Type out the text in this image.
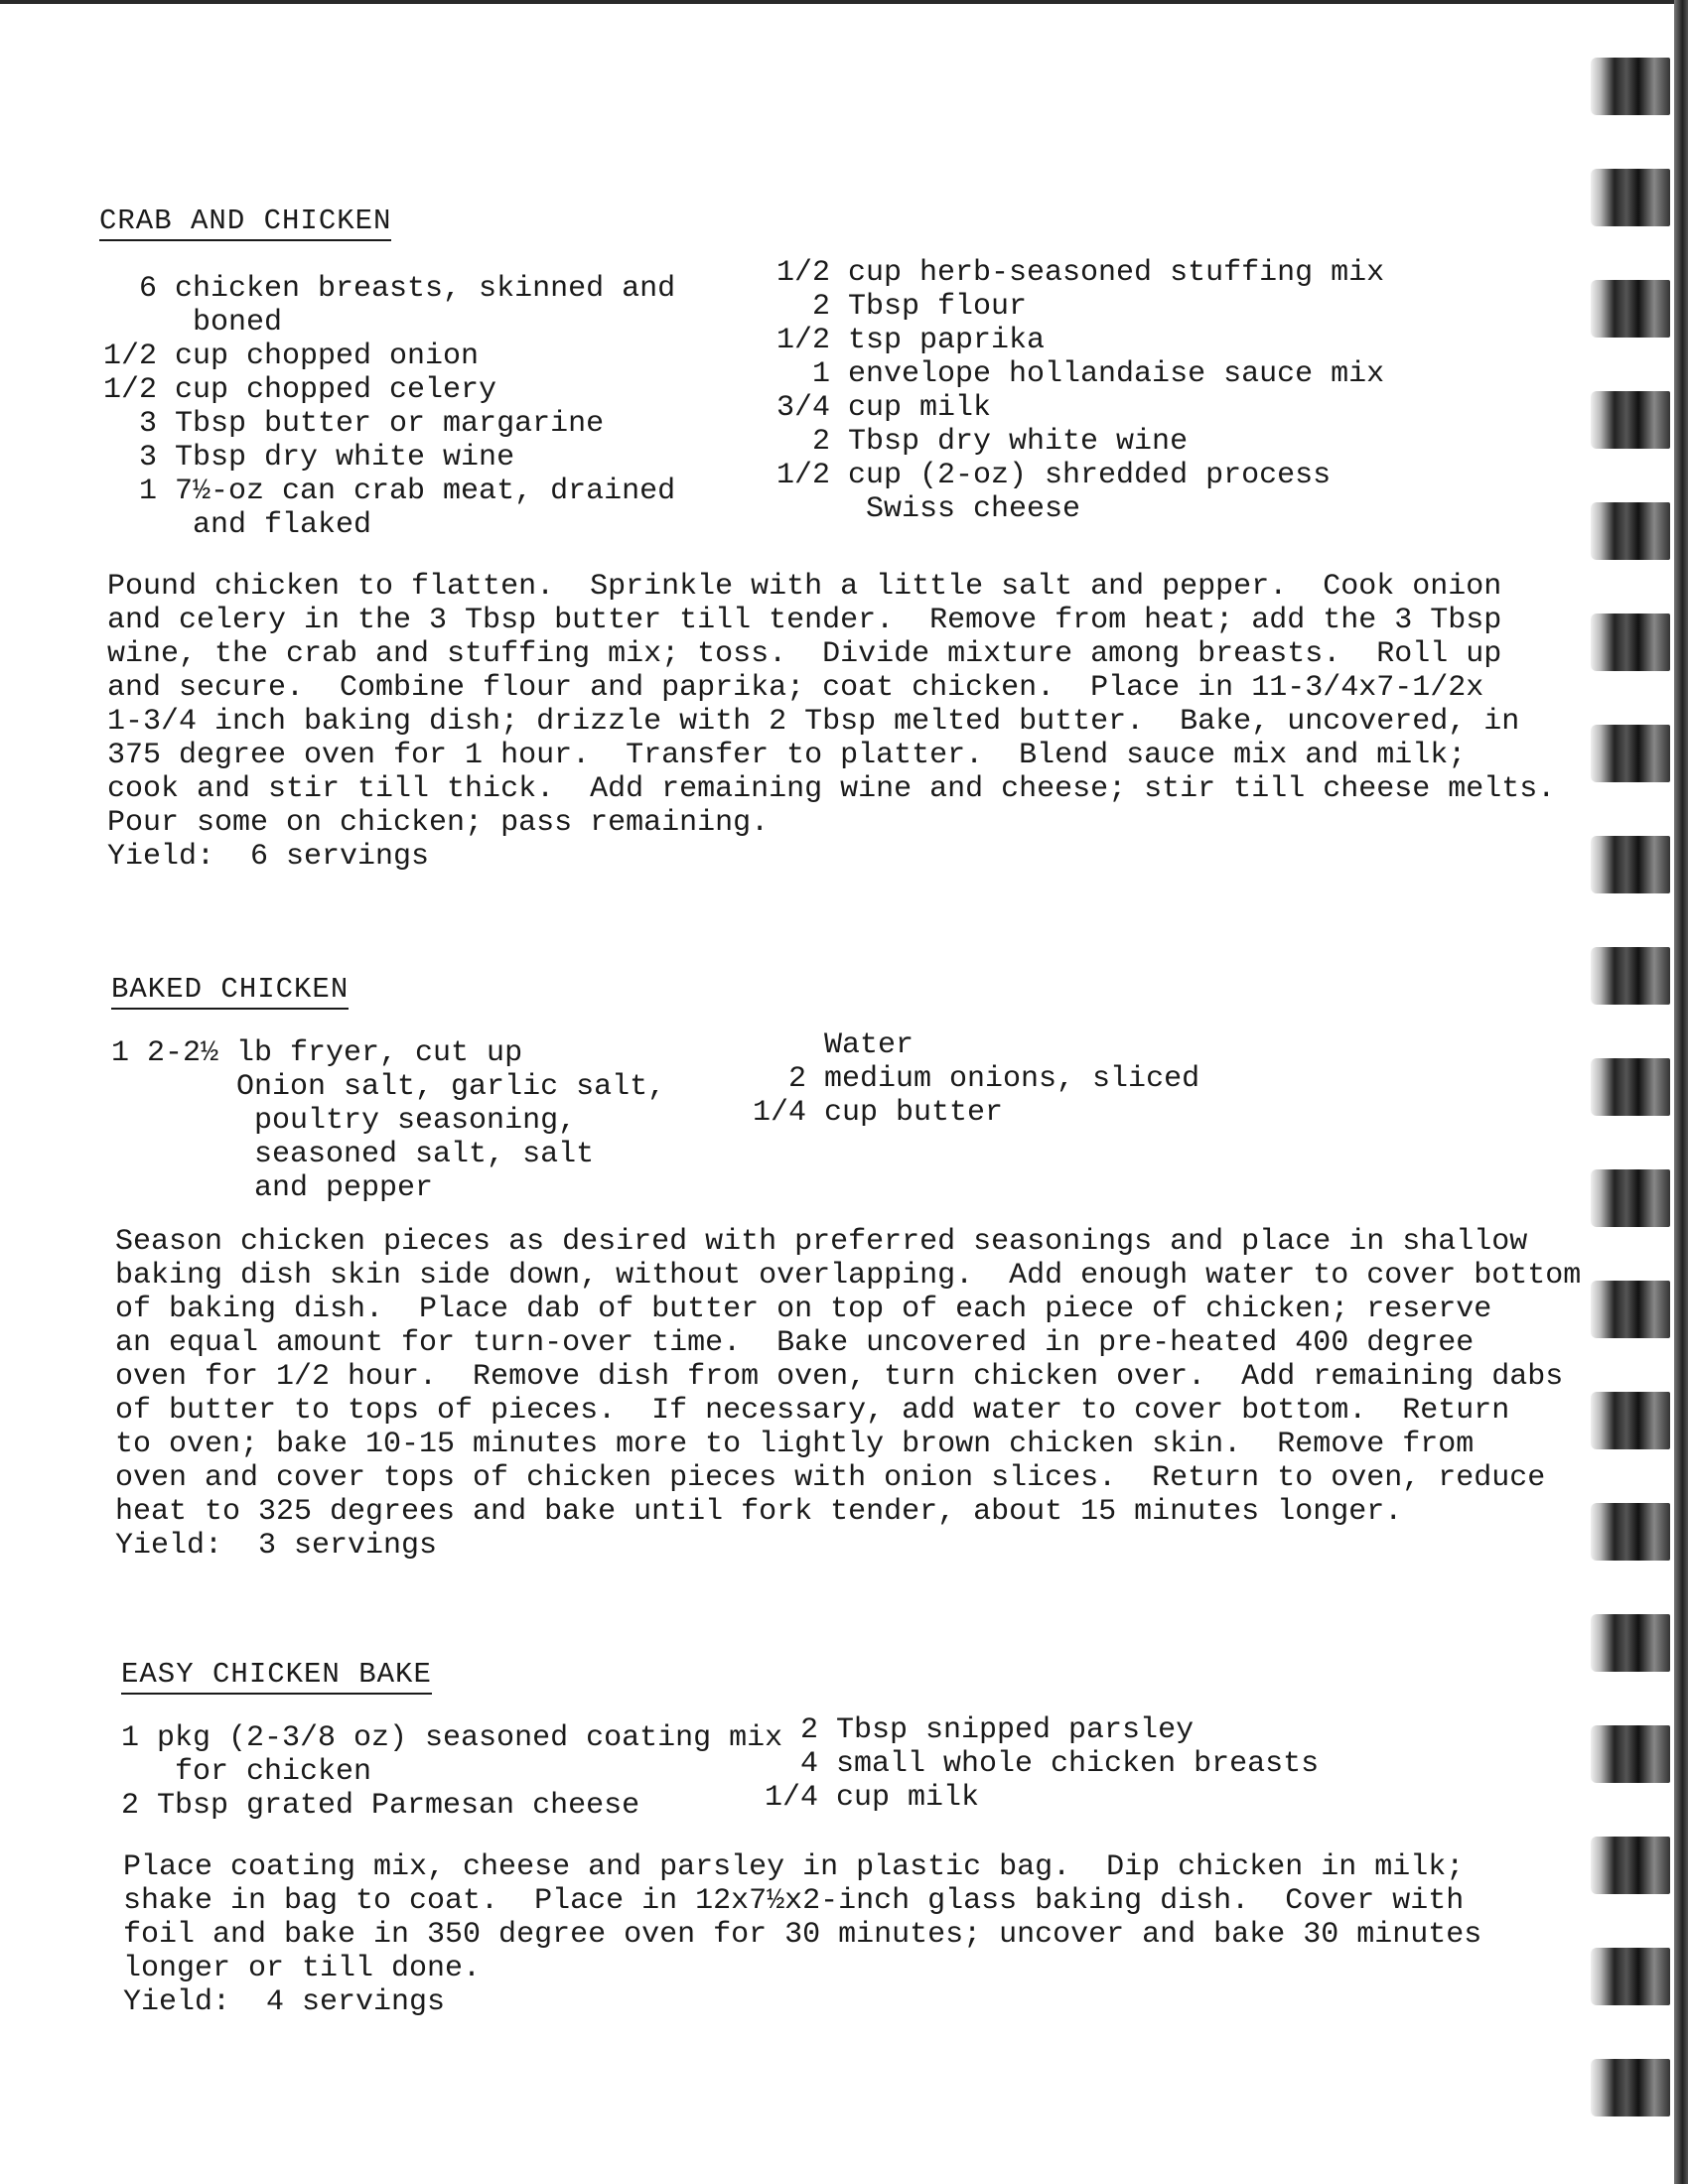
CRAB AND CHICKEN
6 chicken breasts, skinned and
boned
1/2 cup chopped onion
1/2 cup chopped celery
3 Tbsp butter or margarine
3 Tbsp dry white wine
1 7½-oz can crab meat, drained
and flaked
1/2 cup herb-seasoned stuffing mix
2 Tbsp flour
1/2 tsp paprika
1 envelope hollandaise sauce mix
3/4 cup milk
2 Tbsp dry white wine
1/2 cup (2-oz) shredded process
Swiss cheese
Pound chicken to flatten.  Sprinkle with a little salt and pepper.  Cook onion
and celery in the 3 Tbsp butter till tender.  Remove from heat; add the 3 Tbsp
wine, the crab and stuffing mix; toss.  Divide mixture among breasts.  Roll up
and secure.  Combine flour and paprika; coat chicken.  Place in 11-3/4x7-1/2x
1-3/4 inch baking dish; drizzle with 2 Tbsp melted butter.  Bake, uncovered, in
375 degree oven for 1 hour.  Transfer to platter.  Blend sauce mix and milk;
cook and stir till thick.  Add remaining wine and cheese; stir till cheese melts.
Pour some on chicken; pass remaining.
Yield:  6 servings
BAKED CHICKEN
1 2-2½ lb fryer, cut up
Onion salt, garlic salt,
poultry seasoning,
seasoned salt, salt
and pepper
Water
2 medium onions, sliced
1/4 cup butter
Season chicken pieces as desired with preferred seasonings and place in shallow
baking dish skin side down, without overlapping.  Add enough water to cover bottom
of baking dish.  Place dab of butter on top of each piece of chicken; reserve
an equal amount for turn-over time.  Bake uncovered in pre-heated 400 degree
oven for 1/2 hour.  Remove dish from oven, turn chicken over.  Add remaining dabs
of butter to tops of pieces.  If necessary, add water to cover bottom.  Return
to oven; bake 10-15 minutes more to lightly brown chicken skin.  Remove from
oven and cover tops of chicken pieces with onion slices.  Return to oven, reduce
heat to 325 degrees and bake until fork tender, about 15 minutes longer.
Yield:  3 servings
EASY CHICKEN BAKE
1 pkg (2-3/8 oz) seasoned coating mix
for chicken
2 Tbsp grated Parmesan cheese
2 Tbsp snipped parsley
4 small whole chicken breasts
1/4 cup milk
Place coating mix, cheese and parsley in plastic bag.  Dip chicken in milk;
shake in bag to coat.  Place in 12x7½x2-inch glass baking dish.  Cover with
foil and bake in 350 degree oven for 30 minutes; uncover and bake 30 minutes
longer or till done.
Yield:  4 servings
